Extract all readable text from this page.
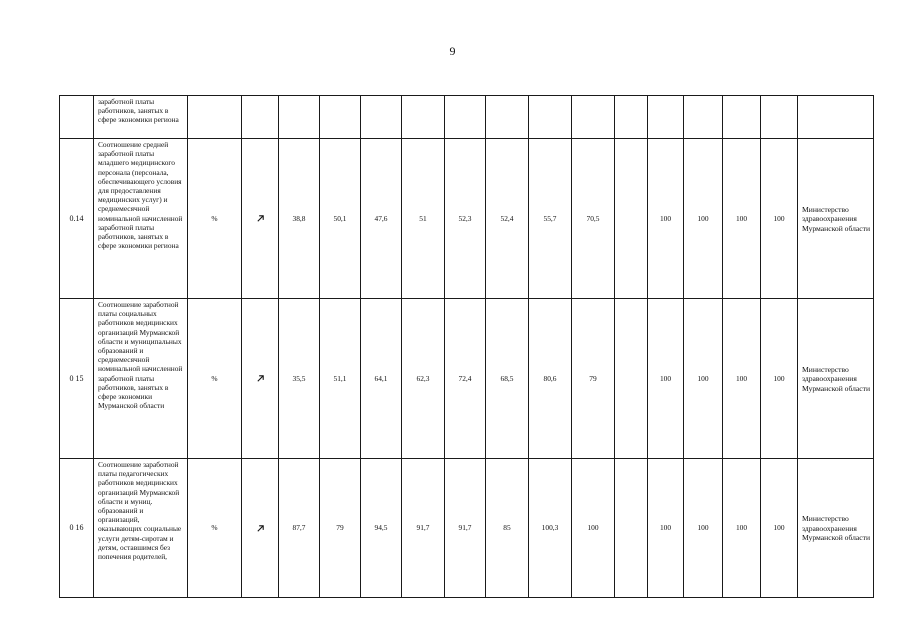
9
	заработной платы работников, занятых в сфере экономики региона																
0.14	Соотношение средней заработной платы младшего медицинского персонала (персонала, обеспечивающего условия для предоставления медицинских услуг) и среднемесячной номинальной начисленной заработной платы работников, занятых в сфере экономики региона	%		38,8	50,1	47,6	51	52,3	52,4	55,7	70,5		100	100	100	100	Министерство здравоохранения Мурманской области
0 15	Соотношение заработной платы социальных работников медицинских организаций Мурманской области и муниципальных образований и среднемесячной номинальной начисленной заработной платы работников, занятых в сфере экономики Мурманской области	%		35,5	51,1	64,1	62,3	72,4	68,5	80,6	79		100	100	100	100	Министерство здравоохранения Мурманской области
0 16	Соотношение заработной платы педагогических работников медицинских организаций Мурманской области и муниц. образований и организаций, оказывающих социальные услуги детям-сиротам и детям, оставшимся без попечения родителей,	%		87,7	79	94,5	91,7	91,7	85	100,3	100		100	100	100	100	Министерство здравоохранения Мурманской области
